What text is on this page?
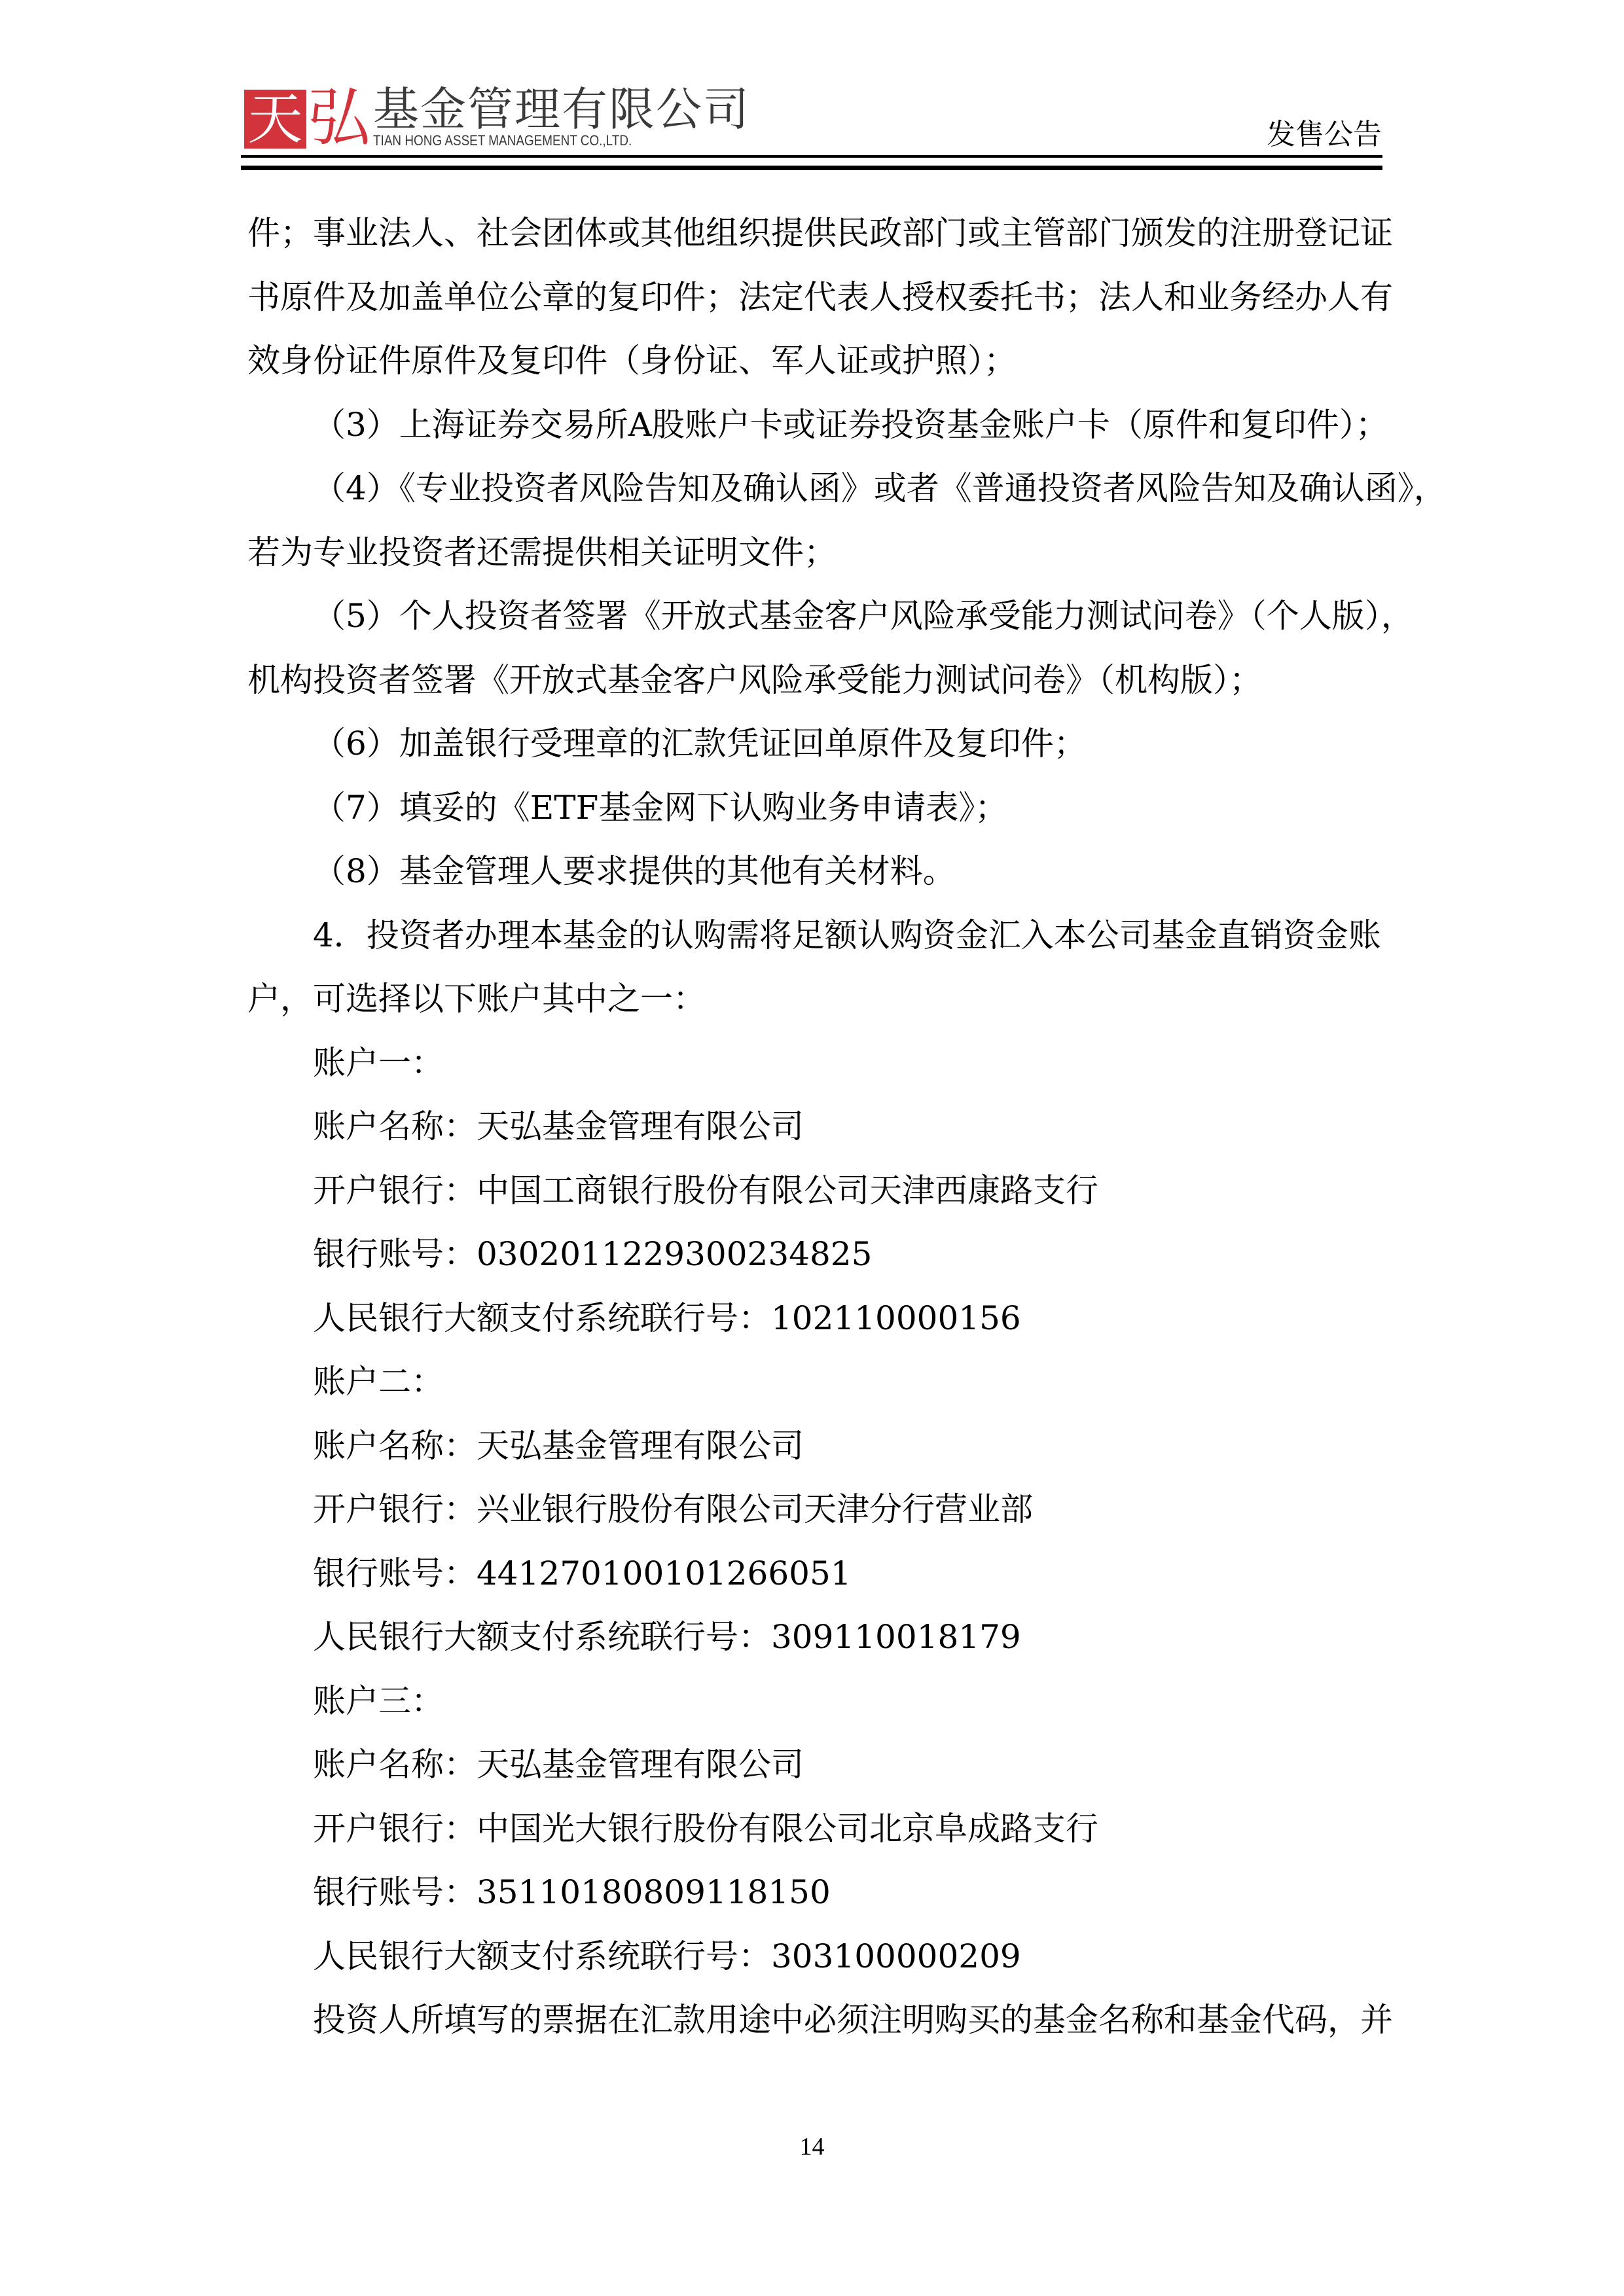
天 弘 基金管理有限公司
TIAN HONG ASSET MANAGEMENT CO.,LTD.	发售公告
件；事业法人、社会团体或其他组织提供民政部门或主管部门颁发的注册登记证
书原件及加盖单位公章的复印件；法定代表人授权委托书；法人和业务经办人有
效身份证件原件及复印件（身份证、军人证或护照）；
（3）上海证券交易所A股账户卡或证券投资基金账户卡（原件和复印件）；
（4）《专业投资者风险告知及确认函》或者《普通投资者风险告知及确认函》，
若为专业投资者还需提供相关证明文件；
（5）个人投资者签署《开放式基金客户风险承受能力测试问卷》（个人版），
机构投资者签署《开放式基金客户风险承受能力测试问卷》（机构版）；
（6）加盖银行受理章的汇款凭证回单原件及复印件；
（7）填妥的《ETF基金网下认购业务申请表》；
（8）基金管理人要求提供的其他有关材料。
4．投资者办理本基金的认购需将足额认购资金汇入本公司基金直销资金账
户，可选择以下账户其中之一：
账户一：
账户名称：天弘基金管理有限公司
开户银行：中国工商银行股份有限公司天津西康路支行
银行账号：0302011229300234825
人民银行大额支付系统联行号：102110000156
账户二：
账户名称：天弘基金管理有限公司
开户银行：兴业银行股份有限公司天津分行营业部
银行账号：441270100101266051
人民银行大额支付系统联行号：309110018179
账户三：
账户名称：天弘基金管理有限公司
开户银行：中国光大银行股份有限公司北京阜成路支行
银行账号：35110180809118150
人民银行大额支付系统联行号：303100000209
投资人所填写的票据在汇款用途中必须注明购买的基金名称和基金代码，并
14
